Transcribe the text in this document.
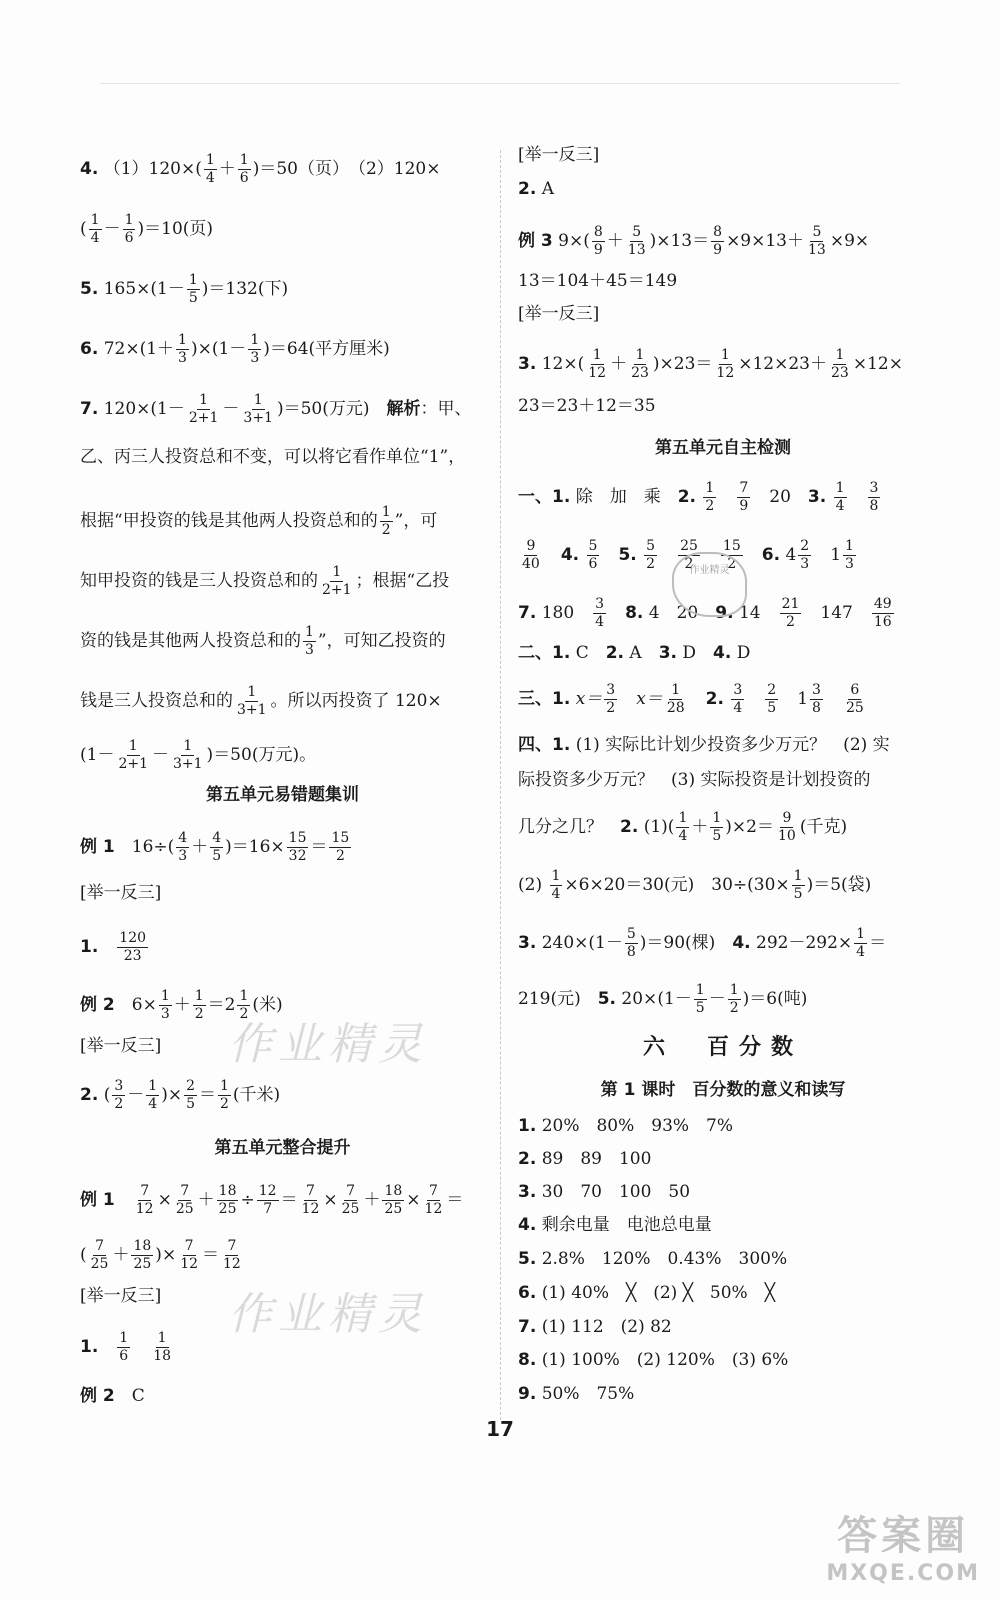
4. $(1)120\times( \frac{1}{4} + \frac{1}{6} )=50$（页）　（2）120×
( $\frac{1}{4} - \frac{1}{6} )=10$(页)
5. $165\times(1- \frac{1}{5} )=132$(下)
6. $72\times(1+ \frac{1}{3} )\times(1- \frac{1}{3} )=64$(平方厘米)
7. $120\times(1- \frac{1}{2+1} - \frac{1}{3+1} )=50$(万元)　解析：甲、
乙、丙三人投资总和不变，可以将它看作单位“1”，
根据“甲投资的钱是其他两人投资总和的 $\frac{1}{2}$ ”，可
知甲投资的钱是三人投资总和的 $\frac{1}{2+1}$ ；根据“乙投
资的钱是其他两人投资总和的 $\frac{1}{3}$ ”，可知乙投资的
钱是三人投资总和的 $\frac{1}{3+1}$ 。所以丙投资了 120×
$(1- \frac{1}{2+1} - \frac{1}{3+1} )=50$(万元)。
第五单元易错题集训
例 1　 $16\div( \frac{4}{3} + \frac{4}{5} )=16\times \frac{15}{32} = \frac{15}{2}$
[举一反三]
1.　 $\frac{120}{23}$
例 2　 $6\times \frac{1}{3} + \frac{1}{2} =2 \frac{1}{2}$ (米)
[举一反三]
2. ( $\frac{3}{2} - \frac{1}{4}$ )× $\frac{2}{5} = \frac{1}{2}$ (千米)
第五单元整合提升
例 1　 $\frac{7}{12} \times \frac{7}{25} + \frac{18}{25} \div \frac{12}{7} = \frac{7}{12} \times \frac{7}{25} + \frac{18}{25} \times \frac{7}{12}$ ＝
( $\frac{7}{25} + \frac{18}{25}$ )× $\frac{7}{12} = \frac{7}{12}$
[举一反三]
1.　 $\frac{1}{6}$
　 $\frac{1}{18}$
例 2　 C
[举一反三]
2. A
例 3 $9\times( \frac{8}{9} + \frac{5}{13} )\times 13= \frac{8}{9} \times 9\times 13+ \frac{5}{13} \times 9\times$
13＝104＋45＝149
[举一反三]
3. $12\times( \frac{1}{12} + \frac{1}{23} )\times 23= \frac{1}{12} \times 12\times 23+ \frac{1}{23} \times 12\times$
23＝23＋12＝35
第五单元自主检测
一、1. 除　加　乘　 2. $\frac{1}{2}$
　 $\frac{7}{9}$
　 20　 3. $\frac{1}{4}$
　 $\frac{3}{8}$
$\frac{9}{40}$
　 4. $\frac{5}{6}$
　 5. $\frac{5}{2}$
　 $\frac{25}{2}$
　 $\frac{15}{2}$
　 6. $4 \frac{2}{3}$
　 $1 \frac{1}{3}$
7. 180　 $\frac{3}{4}$
　 8. 4　20　 9. 14　 $\frac{21}{2}$
　 147　 $\frac{49}{16}$
二、1. C　 2. A　 3. D　 4. D
三、1. $x= \frac{3}{2}$
　 $x= \frac{1}{28}$
　 2. $\frac{3}{4}$
　 $\frac{2}{5}$
　 $1 \frac{3}{8}$
　 $\frac{6}{25}$
四、1. (1) 实际比计划少投资多少万元？　(2) 实
际投资多少万元？　(3) 实际投资是计划投资的
几分之几？　 2. $(1)( \frac{1}{4} + \frac{1}{5} )\times 2= \frac{9}{10}$ (千克)
$(2) \frac{1}{4} \times 6\times 20=30$(元)　$30\div(30\times \frac{1}{5} )=5$(袋)
3. $240\times(1- \frac{5}{8} )=90$(棵)　 4. $292-292\times \frac{1}{4}$ ＝
219(元)　 5. $20\times(1- \frac{1}{5} - \frac{1}{2} )=6$(吨)
六　百分数
第 1 课时　百分数的意义和读写
1. 20%　80%　93%　7%
2. 89　89　100
3. 30　70　100　50
4. 剩余电量　电池总电量
5. 2.8%　120%　0.43%　300%
6. (1) 40%　╳　(2) ╳　50%　╳
7. (1) 112　(2) 82
8. (1) 100%　(2) 120%　(3) 6%
9. 50%　75%
作业精灵
作业精灵
作业精灵
17
答案圈
MXQE.COM
